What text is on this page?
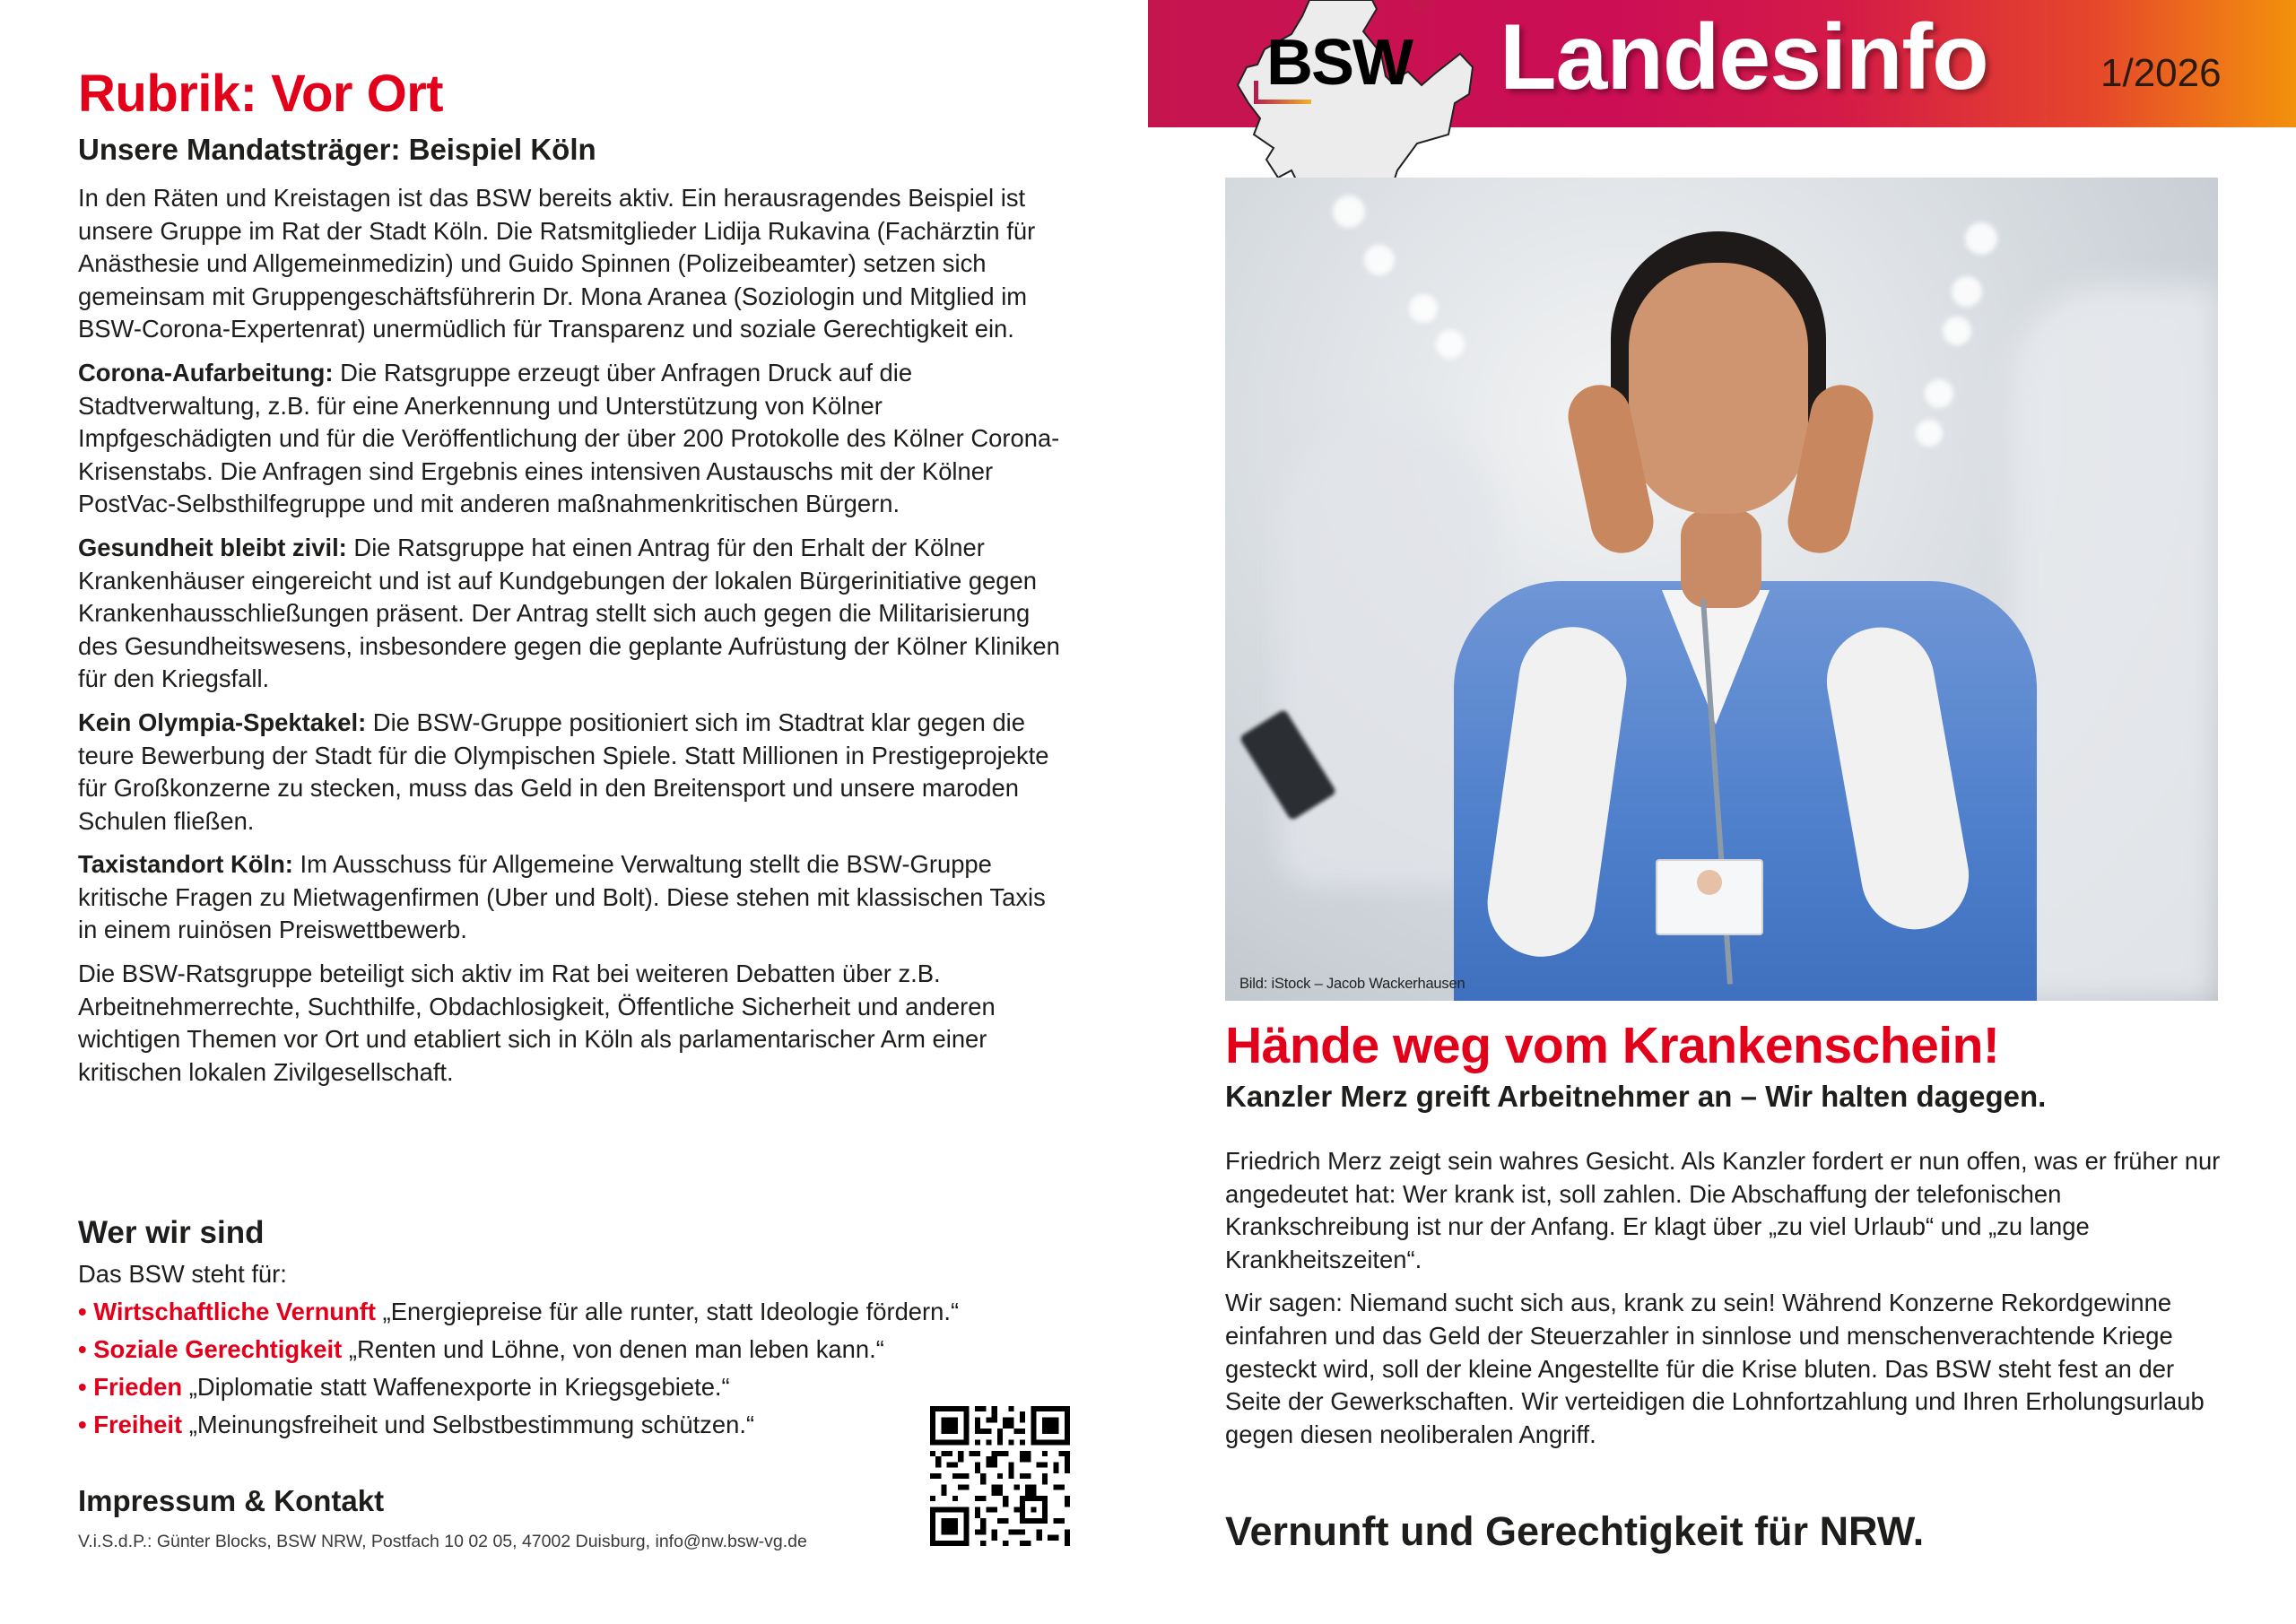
Rubrik: Vor Ort
Unsere Mandatsträger: Beispiel Köln

In den Räten und Kreistagen ist das BSW bereits aktiv. Ein herausragendes Beispiel ist unsere Gruppe im Rat der Stadt Köln. Die Ratsmitglieder Lidija Rukavina (Fachärztin für Anästhesie und Allgemeinmedizin) und Guido Spinnen (Polizeibeamter) setzen sich gemeinsam mit Gruppengeschäftsführerin Dr. Mona Aranea (Soziologin und Mitglied im BSW-Corona-Expertenrat) unermüdlich für Transparenz und soziale Gerechtigkeit ein.

Corona-Aufarbeitung: Die Ratsgruppe erzeugt über Anfragen Druck auf die Stadtverwaltung, z.B. für eine Anerkennung und Unterstützung von Kölner Impfgeschädigten und für die Veröffentlichung der über 200 Protokolle des Kölner Corona-Krisenstabs. Die Anfragen sind Ergebnis eines intensiven Austauschs mit der Kölner PostVac-Selbsthilfegruppe und mit anderen maßnahmenkritischen Bürgern.

Gesundheit bleibt zivil: Die Ratsgruppe hat einen Antrag für den Erhalt der Kölner Krankenhäuser eingereicht und ist auf Kundgebungen der lokalen Bürgerinitiative gegen Krankenhausschließungen präsent. Der Antrag stellt sich auch gegen die Militarisierung des Gesundheitswesens, insbesondere gegen die geplante Aufrüstung der Kölner Kliniken für den Kriegsfall.

Kein Olympia-Spektakel: Die BSW-Gruppe positioniert sich im Stadtrat klar gegen die teure Bewerbung der Stadt für die Olympischen Spiele. Statt Millionen in Prestigeprojekte für Großkonzerne zu stecken, muss das Geld in den Breitensport und unsere maroden Schulen fließen.

Taxistandort Köln: Im Ausschuss für Allgemeine Verwaltung stellt die BSW-Gruppe kritische Fragen zu Mietwagenfirmen (Uber und Bolt). Diese stehen mit klassischen Taxis in einem ruinösen Preiswettbewerb.

Die BSW-Ratsgruppe beteiligt sich aktiv im Rat bei weiteren Debatten über z.B. Arbeitnehmerrechte, Suchthilfe, Obdachlosigkeit, Öffentliche Sicherheit und anderen wichtigen Themen vor Ort und etabliert sich in Köln als parlamentarischer Arm einer kritischen lokalen Zivilgesellschaft.

Wer wir sind
Das BSW steht für:
• Wirtschaftliche Vernunft „Energiepreise für alle runter, statt Ideologie fördern.“
• Soziale Gerechtigkeit „Renten und Löhne, von denen man leben kann.“
• Frieden „Diplomatie statt Waffenexporte in Kriegsgebiete.“
• Freiheit „Meinungsfreiheit und Selbstbestimmung schützen.“
Impressum & Kontakt
V.i.S.d.P.: Günter Blocks, BSW NRW, Postfach 10 02 05, 47002 Duisburg, info@nw.bsw-vg.de
BSW Landesinfo	1/2026
Bild: iStock – Jacob Wackerhausen
Hände weg vom Krankenschein!
Kanzler Merz greift Arbeitnehmer an – Wir halten dagegen.

Friedrich Merz zeigt sein wahres Gesicht. Als Kanzler fordert er nun offen, was er früher nur angedeutet hat: Wer krank ist, soll zahlen. Die Abschaffung der telefonischen Krankschreibung ist nur der Anfang. Er klagt über „zu viel Urlaub“ und „zu lange Krankheitszeiten“.

Wir sagen: Niemand sucht sich aus, krank zu sein! Während Konzerne Rekordgewinne einfahren und das Geld der Steuerzahler in sinnlose und menschenverachtende Kriege gesteckt wird, soll der kleine Angestellte für die Krise bluten. Das BSW steht fest an der Seite der Gewerkschaften. Wir verteidigen die Lohnfortzahlung und Ihren Erholungsurlaub gegen diesen neoliberalen Angriff.

Vernunft und Gerechtigkeit für NRW.
